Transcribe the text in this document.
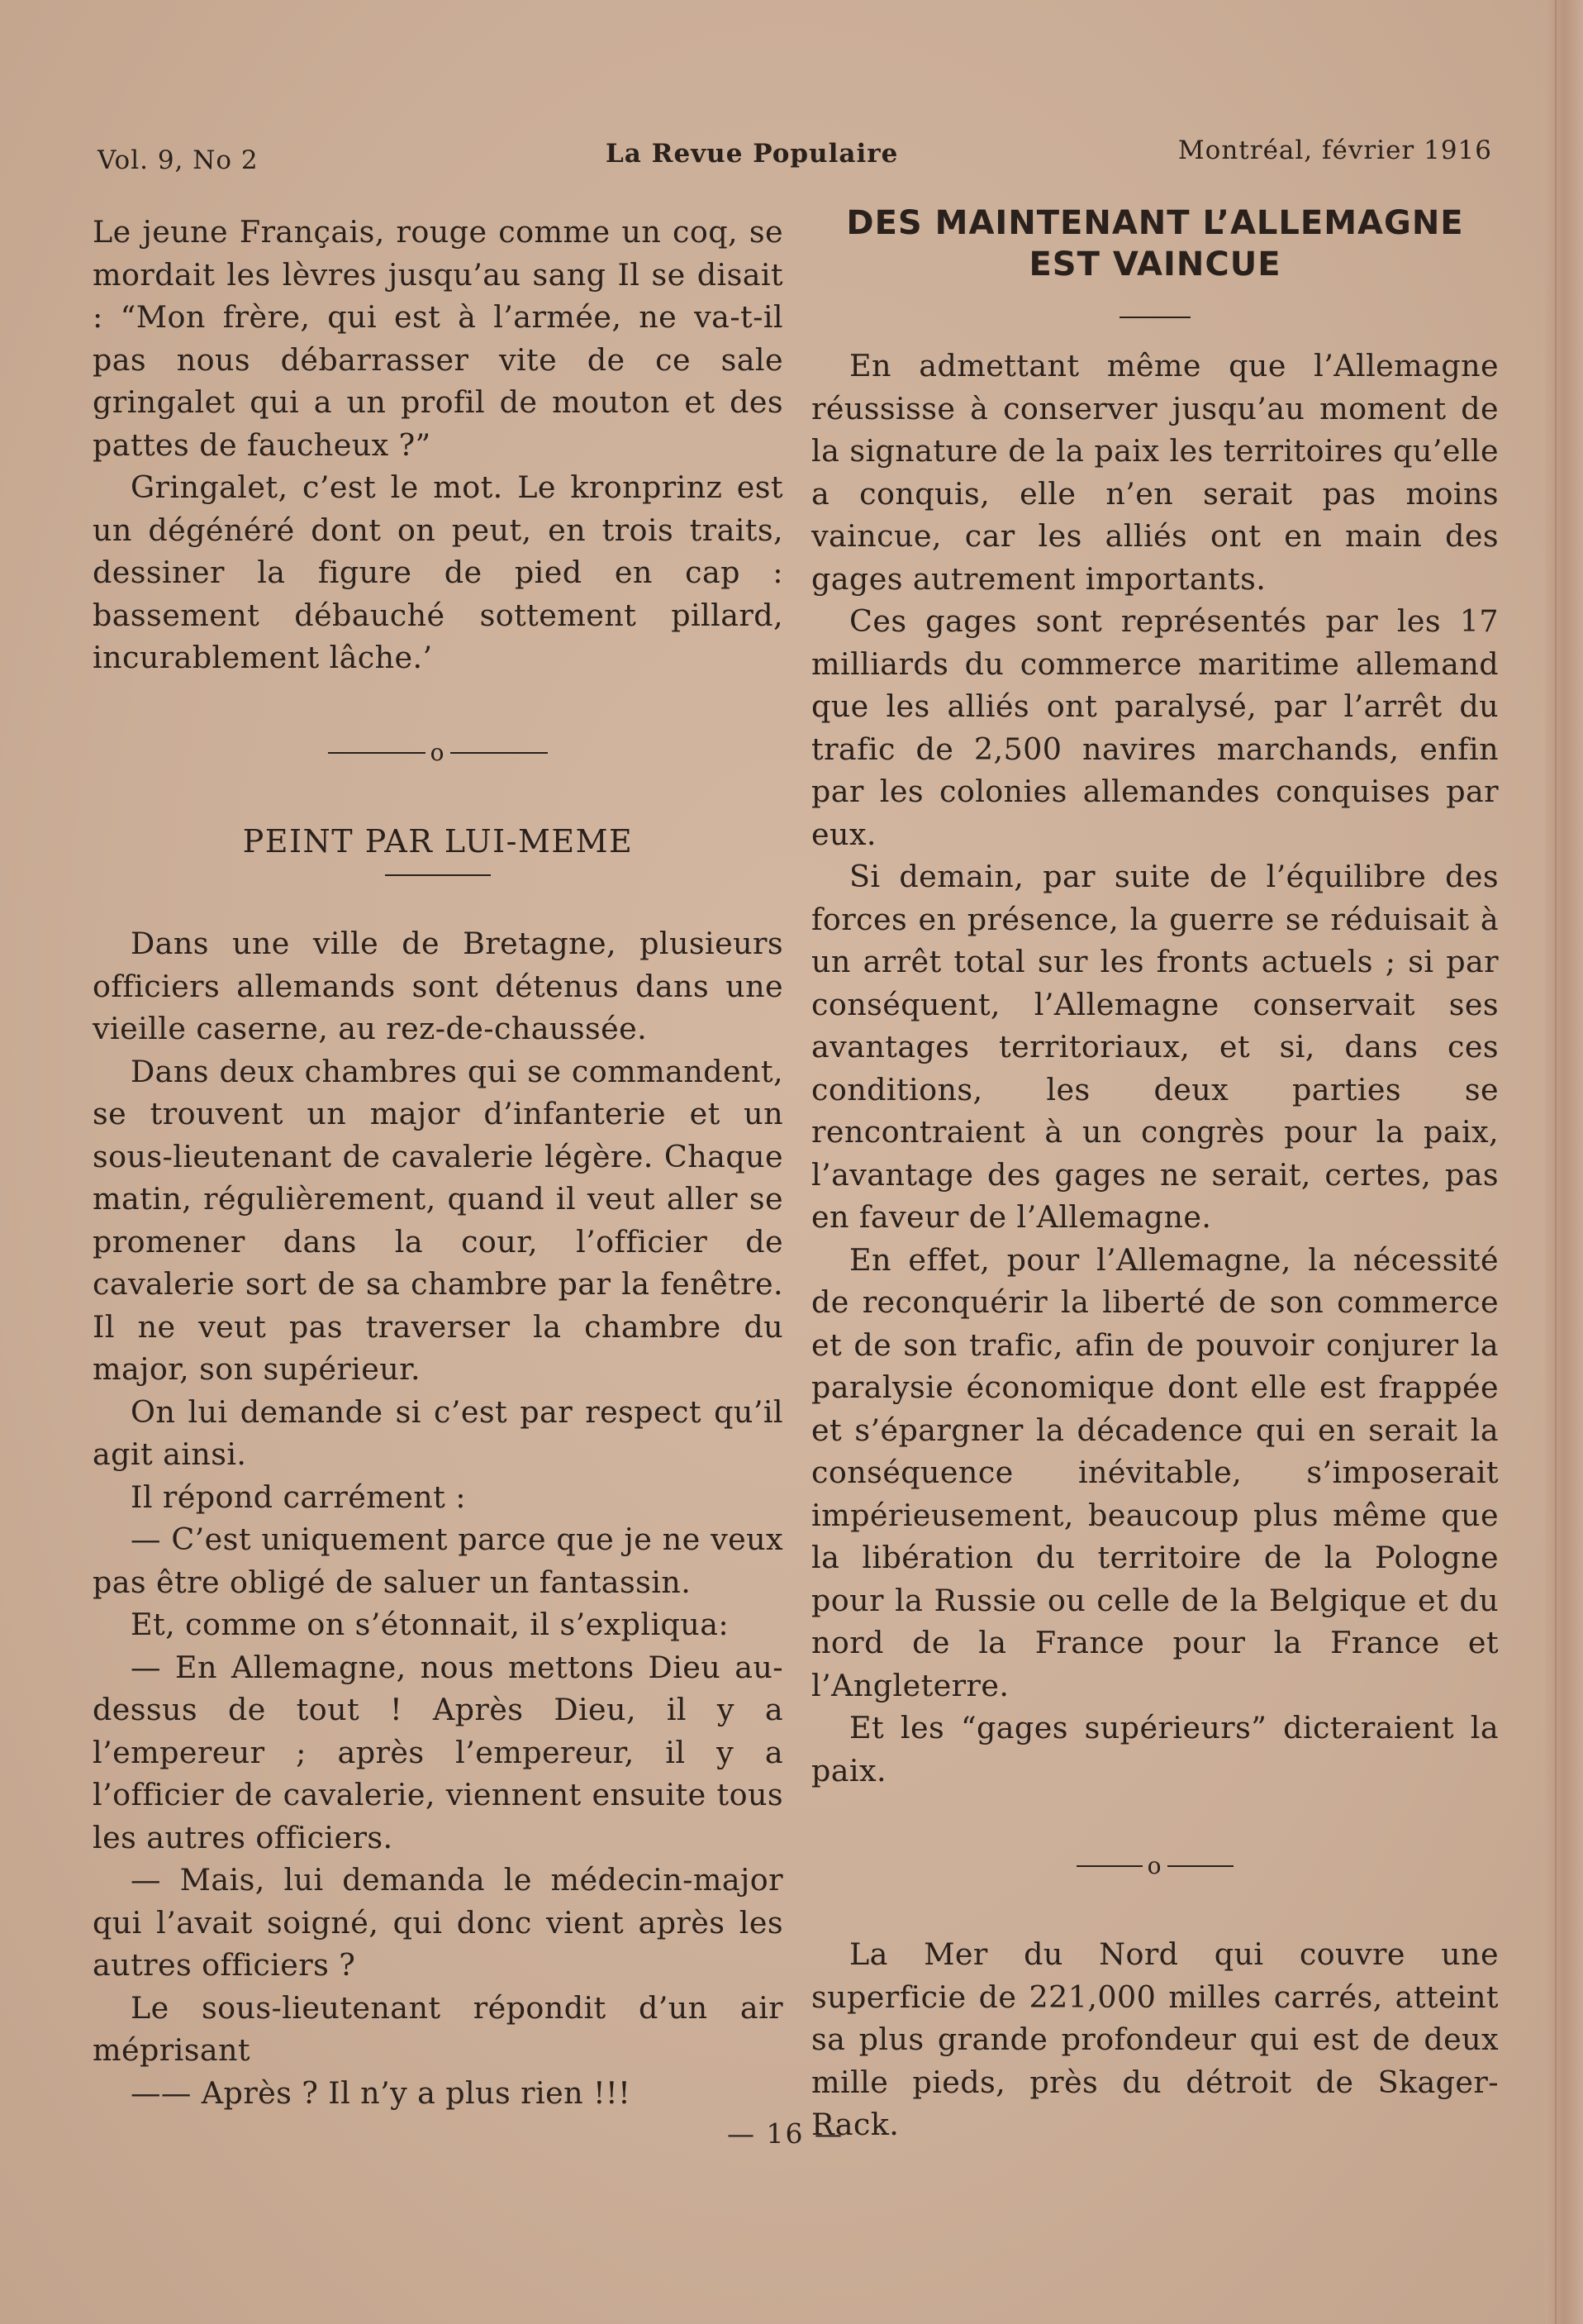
Vol. 9, No 2	La Revue Populaire	Montréal, février 1916

Le jeune Français, rouge comme un coq, se mordait les lèvres jusqu’au sang Il se disait : “Mon frère, qui est à l’armée, ne va-t-il pas nous débarrasser vite de ce sale gringalet qui a un profil de mouton et des pattes de faucheux ?”

Gringalet, c’est le mot. Le kronprinz est un dégénéré dont on peut, en trois traits, dessiner la figure de pied en cap : bassement débauché sottement pillard, incurablement lâche.’

o
PEINT PAR LUI-MEME

Dans une ville de Bretagne, plusieurs officiers allemands sont détenus dans une vieille caserne, au rez-de-chaussée.

Dans deux chambres qui se commandent, se trouvent un major d’infanterie et un sous-lieutenant de cavalerie légère. Chaque matin, régulièrement, quand il veut aller se promener dans la cour, l’officier de cavalerie sort de sa chambre par la fenêtre. Il ne veut pas traverser la chambre du major, son supérieur.

On lui demande si c’est par respect qu’il agit ainsi.

Il répond carrément :

— C’est uniquement parce que je ne veux pas être obligé de saluer un fantassin.

Et, comme on s’étonnait, il s’expliqua:

— En Allemagne, nous mettons Dieu au-dessus de tout ! Après Dieu, il y a l’empereur ; après l’empereur, il y a l’officier de cavalerie, viennent ensuite tous les autres officiers.

— Mais, lui demanda le médecin-major qui l’avait soigné, qui donc vient après les autres officiers ?

Le sous-lieutenant répondit d’un air méprisant

—— Après ? Il n’y a plus rien !!!

DES MAINTENANT L’ALLEMAGNE EST VAINCUE

En admettant même que l’Allemagne réussisse à conserver jusqu’au moment de la signature de la paix les territoires qu’elle a conquis, elle n’en serait pas moins vaincue, car les alliés ont en main des gages autrement importants.

Ces gages sont représentés par les 17 milliards du commerce maritime allemand que les alliés ont paralysé, par l’arrêt du trafic de 2,500 navires marchands, enfin par les colonies allemandes conquises par eux.

Si demain, par suite de l’équilibre des forces en présence, la guerre se réduisait à un arrêt total sur les fronts actuels ; si par conséquent, l’Allemagne conservait ses avantages territoriaux, et si, dans ces conditions, les deux parties se rencontraient à un congrès pour la paix, l’avantage des gages ne serait, certes, pas en faveur de l’Allemagne.

En effet, pour l’Allemagne, la nécessité de reconquérir la liberté de son commerce et de son trafic, afin de pouvoir conjurer la paralysie économique dont elle est frappée et s’épargner la décadence qui en serait la conséquence inévitable, s’imposerait impérieusement, beaucoup plus même que la libération du territoire de la Pologne pour la Russie ou celle de la Belgique et du nord de la France pour la France et l’Angleterre.

Et les “gages supérieurs” dicteraient la paix.

o

La Mer du Nord qui couvre une superficie de 221,000 milles carrés, atteint sa plus grande profondeur qui est de deux mille pieds, près du détroit de Skager-Rack.

— 16 —
